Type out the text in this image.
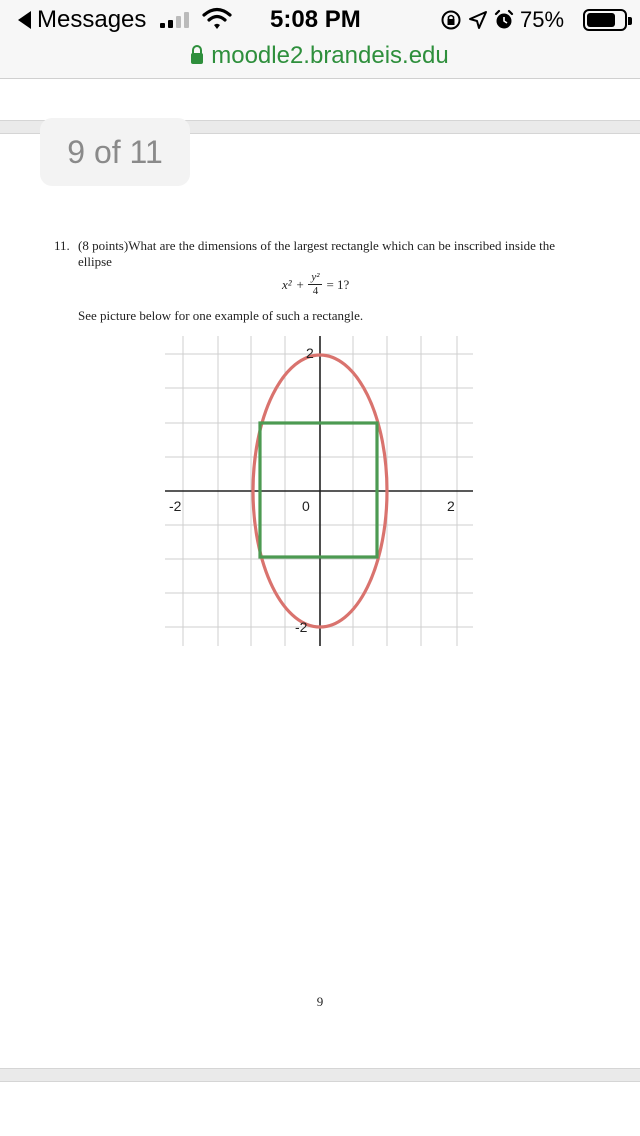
Messages	5:08 PM	75%
moodle2.brandeis.edu
9 of 11
11. (8 points)What are the dimensions of the largest rectangle which can be inscribed inside the ellipse
$x^2 + \frac{\text{y²}}{4} = 1$?
See picture below for one example of such a rectangle.
-2	0	2
2
-2
9
